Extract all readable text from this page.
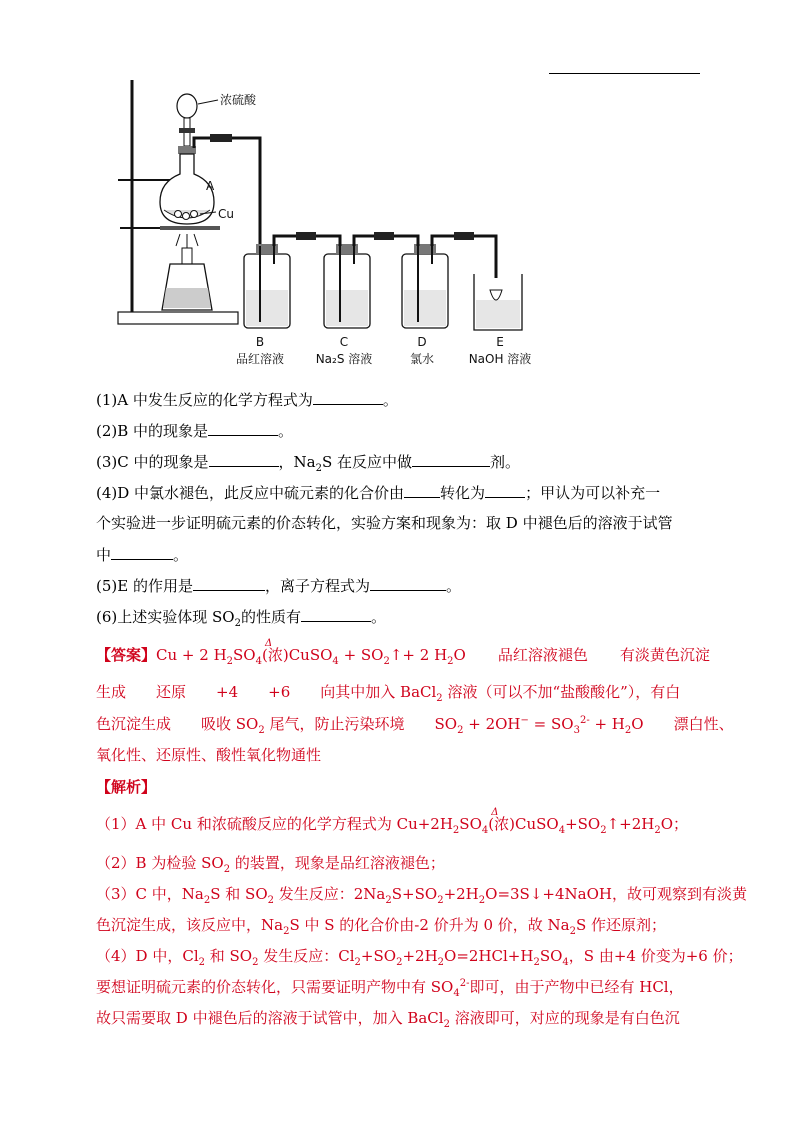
浓硫酸
A
Cu
B
品红溶液
C
Na₂S 溶液
D
氯水
E
NaOH 溶液
(1)A 中发生反应的化学方程式为	。
(2)B 中的现象是	。
(3)C 中的现象是	，$Na_2S$ 在反应中做	剂。
(4)D 中氯水褪色，此反应中硫元素的化合价由 转化为	；甲认为可以补充一
个实验进一步证明硫元素的价态转化，实验方案和现象为：取 D 中褪色后的溶液于试管
中	。
(5)E 的作用是	，离子方程式为	。
(6)上述实验体现 $SO_2$的性质有	。
【答案】Cu + 2 $H_2SO_4$
Δ
(浓)CuSO$_4$ + $SO_2↑+ 2$ $H_2O$ 品红溶液褪色 有淡黄色沉淀
生成 还原 +4 +6 向其中加入 BaCl$_2$ 溶液（可以不加“盐酸酸化”），有白
色沉淀生成 吸收 $SO_2$ 尾气，防止污染环境 $SO_2 + 2OH^- = SO_3^{2-} + H_2O$ 漂白性、
氧化性、还原性、酸性氧化物通性
【解析】
（1）A 中 Cu 和浓硫酸反应的化学方程式为 $Cu+2H_2SO_4$
Δ
(浓)$CuSO_4+SO_2↑+2H_2O$；
（2）B 为检验 $SO_2$ 的装置，现象是品红溶液褪色；
（3）C 中，$Na_2S$ 和 $SO_2$ 发生反应：$2Na_2S+SO_2+2H_2O=3S↓+4NaOH$，故可观察到有淡黄
色沉淀生成，该反应中，$Na_2S$ 中 S 的化合价由-2 价升为 0 价，故 $Na_2S$ 作还原剂；
（4）D 中，$Cl_2$ 和 $SO_2$ 发生反应：$Cl_2+SO_2+2H_2O=2HCl+H_2SO_4$，S 由+4 价变为+6 价；
要想证明硫元素的价态转化，只需要证明产物中有 $SO_4^{2-}$即可，由于产物中已经有 HCl，
故只需要取 D 中褪色后的溶液于试管中，加入 BaCl$_2$ 溶液即可，对应的现象是有白色沉
